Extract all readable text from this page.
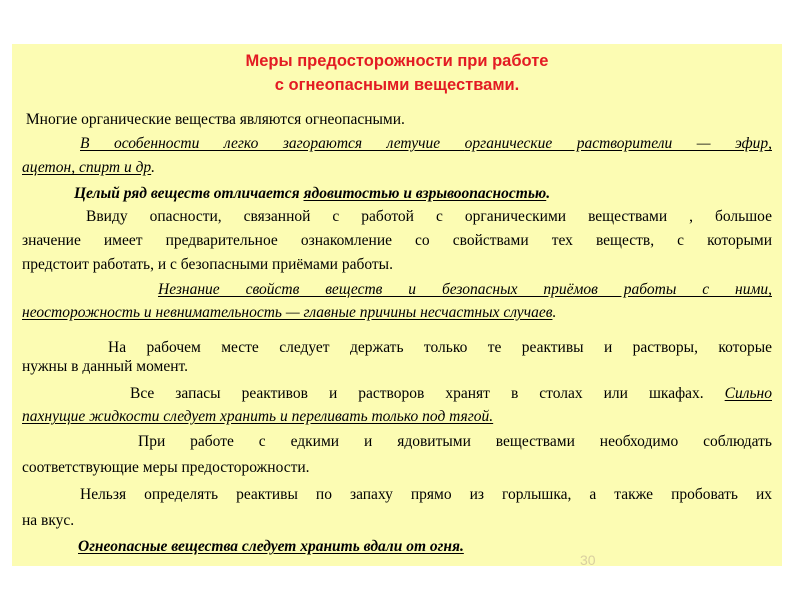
Меры предосторожности при работе
с огнеопасными веществами.
Многие органические вещества являются огнеопасными.
В особенности легко загораются летучие органические растворители — эфир,
ацетон, спирт и др.
Целый ряд веществ отличается ядовитостью и взрывоопасностью.
Ввиду опасности, связанной с работой с органическими веществами , большое
значение имеет предварительное ознакомление со свойствами тех веществ, с которыми
предстоит работать, и с безопасными приёмами работы.
Незнание свойств веществ и безопасных приёмов работы с ними,
неосторожность и невнимательность — главные причины несчастных случаев.
На рабочем месте следует держать только те реактивы и растворы, которые
нужны в данный момент.
Все запасы реактивов и растворов хранят в столах или шкафах. Сильно
пахнущие жидкости следует хранить и переливать только под тягой.
При работе с едкими и ядовитыми веществами необходимо соблюдать
соответствующие меры предосторожности.
Нельзя определять реактивы по запаху прямо из горлышка, а также пробовать их
на вкус.
Огнеопасные вещества следует хранить вдали от огня.
30
